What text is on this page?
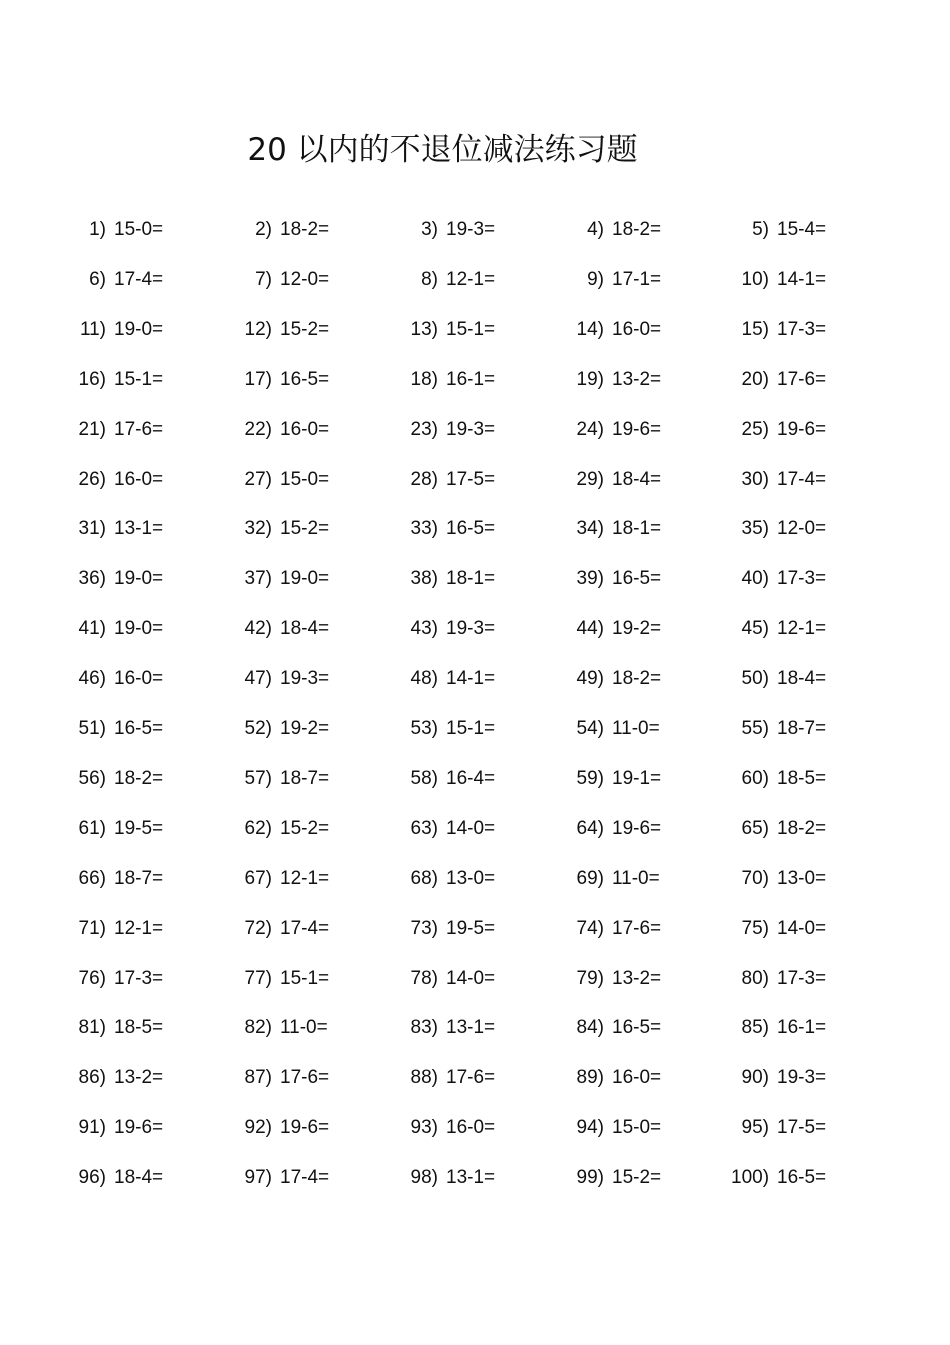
20 以内的不退位减法练习题
1) 15-0=	2) 18-2=	3) 19-3=	4) 18-2=	5) 15-4=
6) 17-4=	7) 12-0=	8) 12-1=	9) 17-1=	10) 14-1=
11) 19-0=	12) 15-2=	13) 15-1=	14) 16-0=	15) 17-3=
16) 15-1=	17) 16-5=	18) 16-1=	19) 13-2=	20) 17-6=
21) 17-6=	22) 16-0=	23) 19-3=	24) 19-6=	25) 19-6=
26) 16-0=	27) 15-0=	28) 17-5=	29) 18-4=	30) 17-4=
31) 13-1=	32) 15-2=	33) 16-5=	34) 18-1=	35) 12-0=
36) 19-0=	37) 19-0=	38) 18-1=	39) 16-5=	40) 17-3=
41) 19-0=	42) 18-4=	43) 19-3=	44) 19-2=	45) 12-1=
46) 16-0=	47) 19-3=	48) 14-1=	49) 18-2=	50) 18-4=
51) 16-5=	52) 19-2=	53) 15-1=	54) 11-0=	55) 18-7=
56) 18-2=	57) 18-7=	58) 16-4=	59) 19-1=	60) 18-5=
61) 19-5=	62) 15-2=	63) 14-0=	64) 19-6=	65) 18-2=
66) 18-7=	67) 12-1=	68) 13-0=	69) 11-0=	70) 13-0=
71) 12-1=	72) 17-4=	73) 19-5=	74) 17-6=	75) 14-0=
76) 17-3=	77) 15-1=	78) 14-0=	79) 13-2=	80) 17-3=
81) 18-5=	82) 11-0=	83) 13-1=	84) 16-5=	85) 16-1=
86) 13-2=	87) 17-6=	88) 17-6=	89) 16-0=	90) 19-3=
91) 19-6=	92) 19-6=	93) 16-0=	94) 15-0=	95) 17-5=
96) 18-4=	97) 17-4=	98) 13-1=	99) 15-2=	100) 16-5=
